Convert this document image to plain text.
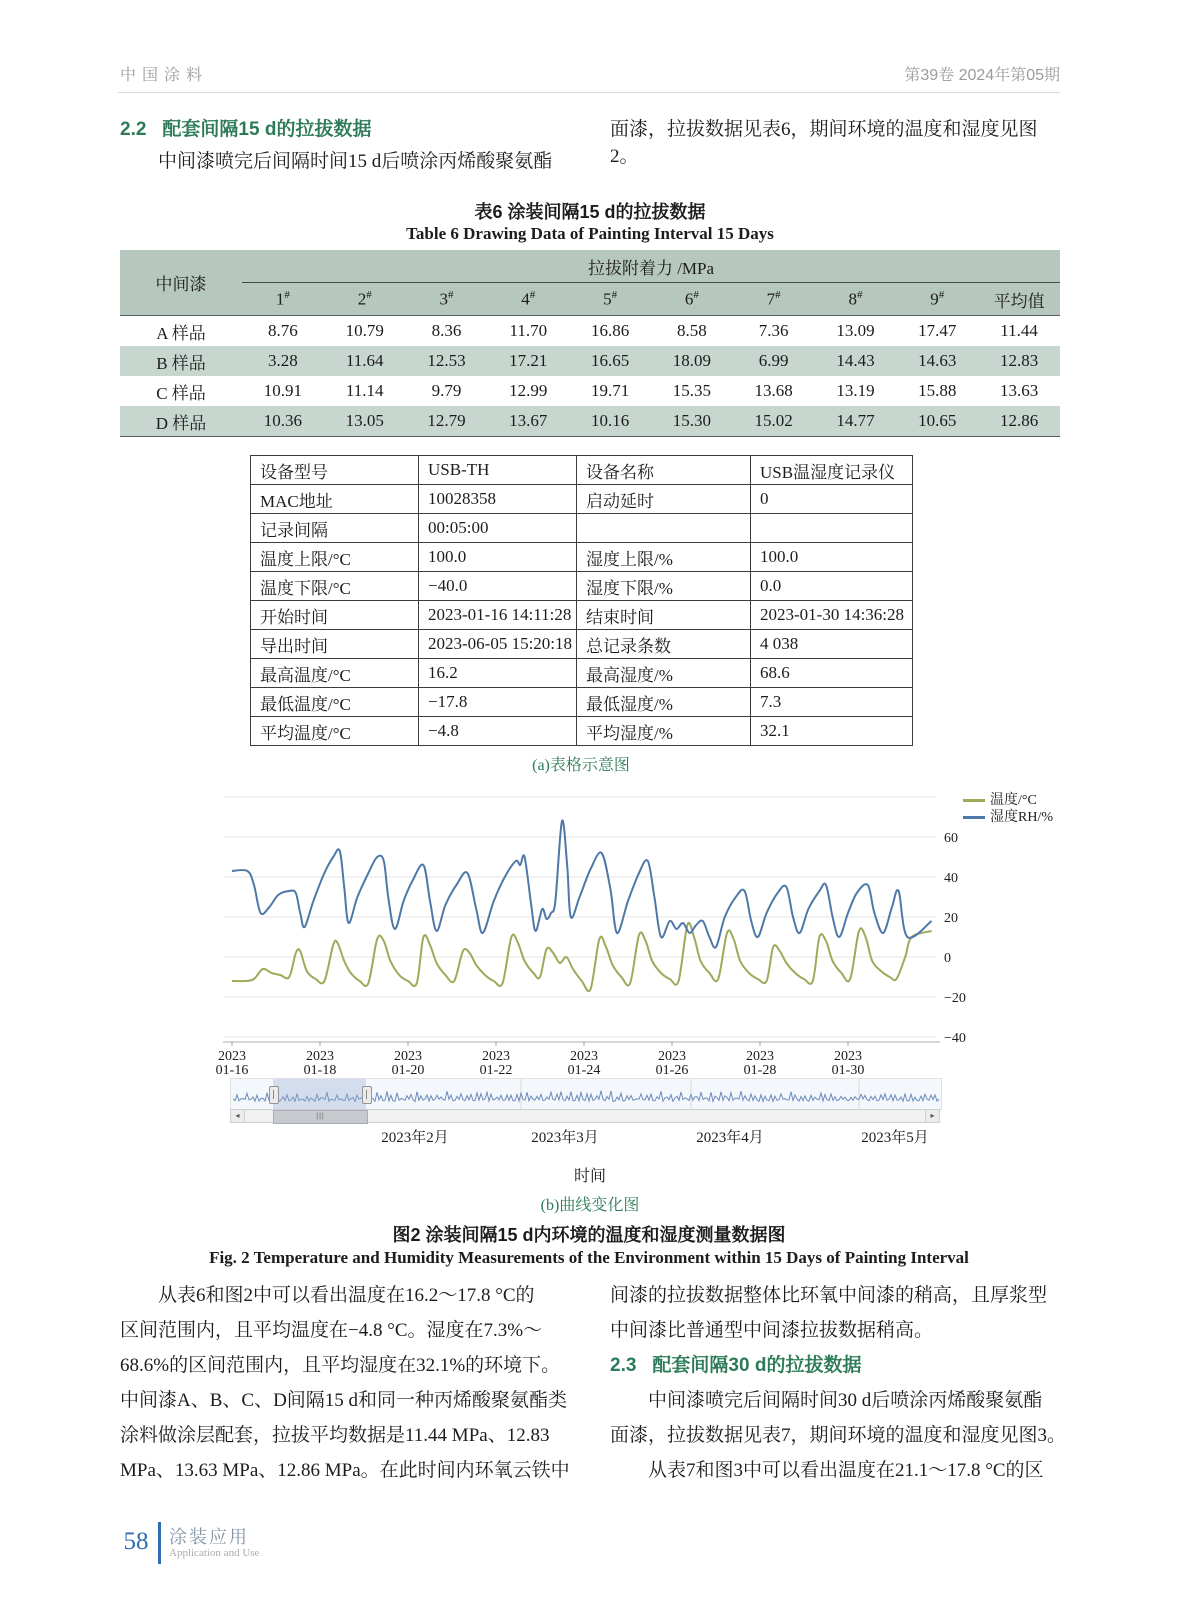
中国涂料	第39卷 2024年第05期
2.2 配套间隔15 d的拉拔数据
中间漆喷完后间隔时间15 d后喷涂丙烯酸聚氨酯
面漆，拉拔数据见表6，期间环境的温度和湿度见图2。
表6 涂装间隔15 d的拉拔数据
Table 6 Drawing Data of Painting Interval 15 Days
中间漆	拉拔附着力 /MPa									
	1#	2#	3#	4#	5#	6#	7#	8#	9#	平均值
A 样品	8.76	10.79	8.36	11.70	16.86	8.58	7.36	13.09	17.47	11.44
B 样品	3.28	11.64	12.53	17.21	16.65	18.09	6.99	14.43	14.63	12.83
C 样品	10.91	11.14	9.79	12.99	19.71	15.35	13.68	13.19	15.88	13.63
D 样品	10.36	13.05	12.79	13.67	10.16	15.30	15.02	14.77	10.65	12.86
设备型号	USB-TH	设备名称	USB温湿度记录仪
MAC地址	10028358	启动延时	0
记录间隔	00:05:00		
温度上限/°C	100.0	湿度上限/%	100.0
温度下限/°C	−40.0	湿度下限/%	0.0
开始时间	2023-01-16 14:11:28	结束时间	2023-01-30 14:36:28
导出时间	2023-06-05 15:20:18	总记录条数	4 038
最高温度/°C	16.2	最高湿度/%	68.6
最低温度/°C	−17.8	最低湿度/%	7.3
平均温度/°C	−4.8	平均湿度/%	32.1
(a)表格示意图
温度/°C
湿度RH/%
60
40
20
0
−20
−40
2023 01-16
2023 01-18
2023 01-20
2023 01-22
2023 01-24
2023 01-26
2023 01-28
2023 01-30
◂	|||	▸
2023年2月	2023年3月	2023年4月	2023年5月
时间
(b)曲线变化图
图2 涂装间隔15 d内环境的温度和湿度测量数据图
Fig. 2 Temperature and Humidity Measurements of the Environment within 15 Days of Painting Interval
从表6和图2中可以看出温度在16.2～17.8 °C的
区间范围内，且平均温度在−4.8 °C。湿度在7.3%～
68.6%的区间范围内，且平均湿度在32.1%的环境下。
中间漆A、B、C、D间隔15 d和同一种丙烯酸聚氨酯类
涂料做涂层配套，拉拔平均数据是11.44 MPa、12.83
MPa、13.63 MPa、12.86 MPa。在此时间内环氧云铁中
间漆的拉拔数据整体比环氧中间漆的稍高，且厚浆型
中间漆比普通型中间漆拉拔数据稍高。
2.3 配套间隔30 d的拉拔数据
中间漆喷完后间隔时间30 d后喷涂丙烯酸聚氨酯
面漆，拉拔数据见表7，期间环境的温度和湿度见图3。
从表7和图3中可以看出温度在21.1～17.8 °C的区
58	涂装应用
Application and Use
